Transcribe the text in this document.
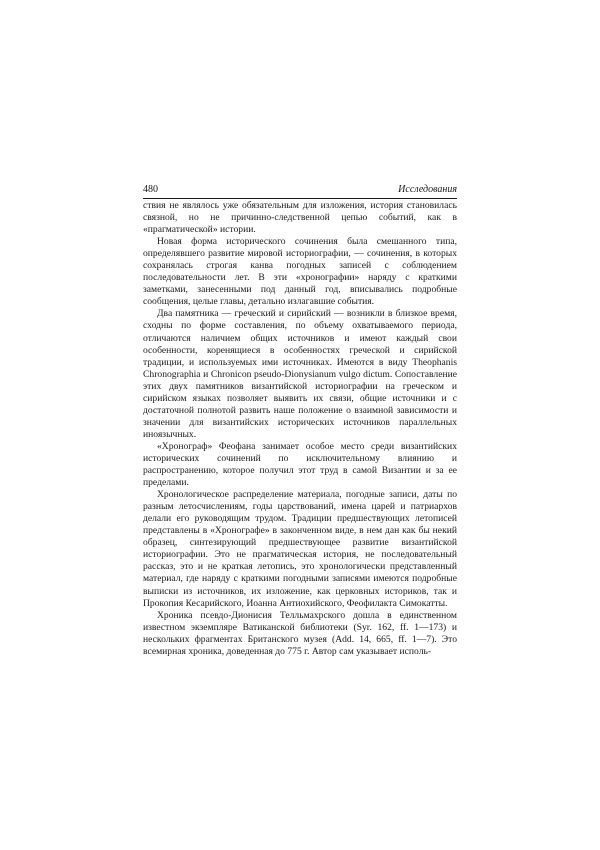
480	Исследования

ствия не являлось уже обязательным для изложения, история становилась связной, но не причинно-следственной цепью событий, как в «прагматической» истории.

Новая форма исторического сочинения была смешанного типа, определявшего развитие мировой историографии, — сочинения, в которых сохранялась строгая канва погодных записей с соблюдением последовательности лет. В эти «хронографии» наряду с краткими заметками, занесенными под данный год, вписывались подробные сообщения, целые главы, детально излагавшие события.

Два памятника — греческий и сирийский — возникли в близкое время, сходны по форме составления, по объему охватываемого периода, отличаются наличием общих источников и имеют каждый свои особенности, коренящиеся в особенностях греческой и сирийской традиции, и используемых ими источниках. Имеются в виду Theophanis Chronographia и Chronicon pseudo-Dionysianum vulgo dictum. Сопоставление этих двух памятников византийской историографии на греческом и сирийском языках позволяет выявить их связи, общие источники и с достаточной полнотой развить наше положение о взаимной зависимости и значении для византийских исторических источников параллельных иноязычных.

«Хронограф» Феофана занимает особое место среди византийских исторических сочинений по исключительному влиянию и распространению, которое получил этот труд в самой Византии и за ее пределами.

Хронологическое распределение материала, погодные записи, даты по разным летосчислениям, годы царствований, имена царей и патриархов делали его руководящим трудом. Традиции предшествующих летописей представлены в «Хронографе» в законченном виде, в нем дан как бы некий образец, синтезирующий предшествующее развитие византийской историографии. Это не прагматическая история, не последовательный рассказ, это и не краткая летопись, это хронологически представленный материал, где наряду с краткими погодными записями имеются подробные выписки из источников, их изложение, как церковных историков, так и Прокопия Кесарийского, Иоанна Антиохийского, Феофилакта Симокатты.

Хроника псевдо-Дионисия Телльмахрского дошла в единственном известном экземпляре Ватиканской библиотеки (Syr. 162, ff. 1—173) и нескольких фрагментах Британского музея (Add. 14, 665, ff. 1—7). Это всемирная хроника, доведенная до 775 г. Автор сам указывает исполь-
